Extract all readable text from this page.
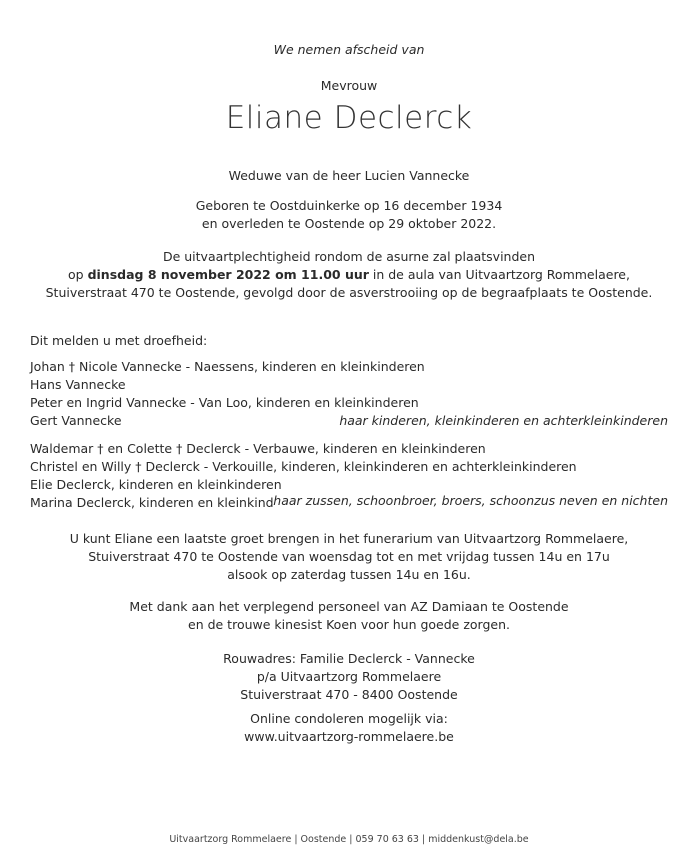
We nemen afscheid van
Mevrouw
Eliane Declerck
Weduwe van de heer Lucien Vannecke
Geboren te Oostduinkerke op 16 december 1934
en overleden te Oostende op 29 oktober 2022.
De uitvaartplechtigheid rondom de asurne zal plaatsvinden
op dinsdag 8 november 2022 om 11.00 uur in de aula van Uitvaartzorg Rommelaere,
Stuiverstraat 470 te Oostende, gevolgd door de asverstrooiing op de begraafplaats te Oostende.
Dit melden u met droefheid:
Johan † Nicole Vannecke - Naessens, kinderen en kleinkinderen
Hans Vannecke
Peter en Ingrid Vannecke - Van Loo, kinderen en kleinkinderen
Gert Vannecke	haar kinderen, kleinkinderen en achterkleinkinderen
Waldemar † en Colette † Declerck - Verbauwe, kinderen en kleinkinderen
Christel en Willy † Declerck - Verkouille, kinderen, kleinkinderen en achterkleinkinderen
Elie Declerck, kinderen en kleinkinderen
Marina Declerck, kinderen en kleinkind haar zussen, schoonbroer, broers, schoonzus neven en nichten
U kunt Eliane een laatste groet brengen in het funerarium van Uitvaartzorg Rommelaere,
Stuiverstraat 470 te Oostende van woensdag tot en met vrijdag tussen 14u en 17u
alsook op zaterdag tussen 14u en 16u.
Met dank aan het verplegend personeel van AZ Damiaan te Oostende
en de trouwe kinesist Koen voor hun goede zorgen.
Rouwadres: Familie Declerck - Vannecke
p/a Uitvaartzorg Rommelaere
Stuiverstraat 470 - 8400 Oostende
Online condoleren mogelijk via:
www.uitvaartzorg-rommelaere.be
Uitvaartzorg Rommelaere | Oostende | 059 70 63 63 | middenkust@dela.be
